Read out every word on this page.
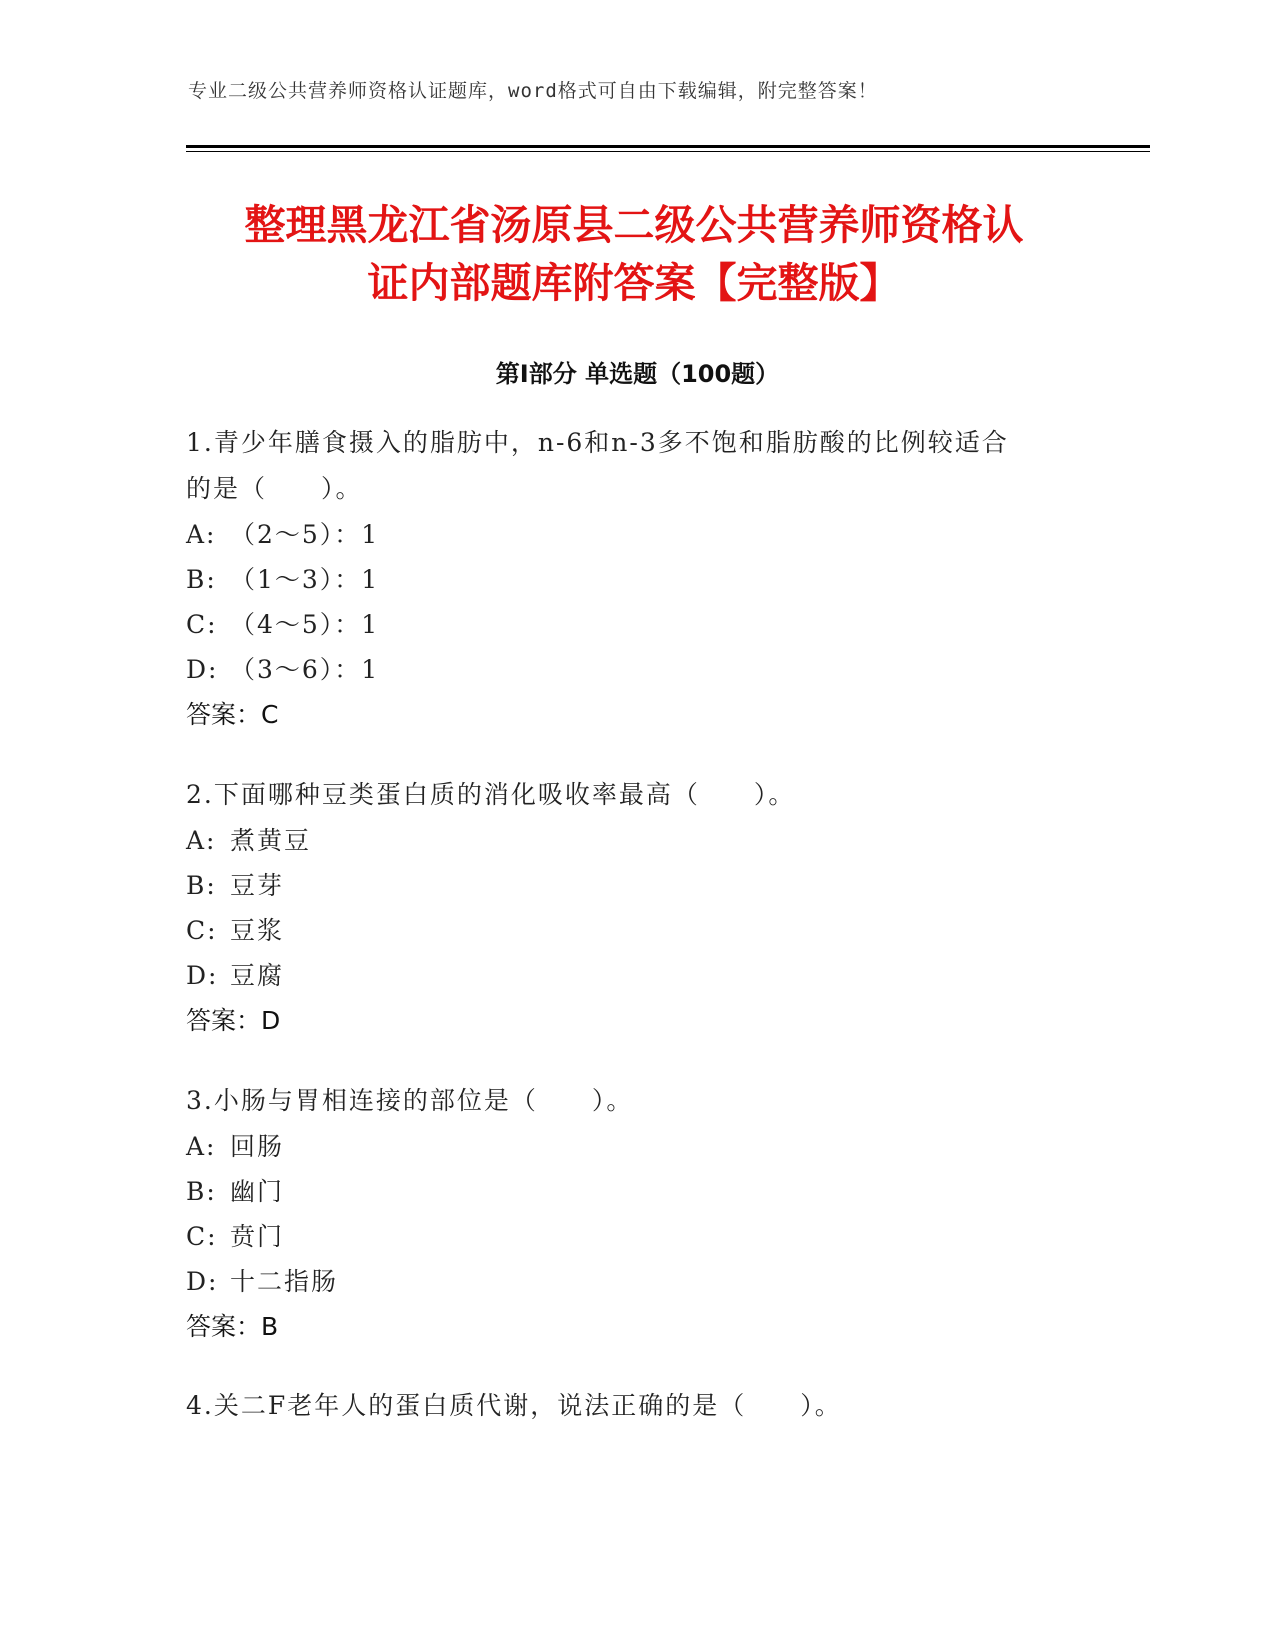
专业二级公共营养师资格认证题库，word格式可自由下载编辑，附完整答案！
整理黑龙江省汤原县二级公共营养师资格认
证内部题库附答案【完整版】
第Ⅰ部分 单选题（100题）

1.青少年膳食摄入的脂肪中，n-6和n-3多不饱和脂肪酸的比例较适合
的是（　　）。

A: （2～5）：1
B: （1～3）：1
C: （4～5）：1
D: （3～6）：1
答案：C

2.下面哪种豆类蛋白质的消化吸收率最高（　　）。

A: 煮黄豆
B: 豆芽
C: 豆浆
D: 豆腐
答案：D

3.小肠与胃相连接的部位是（　　）。

A: 回肠
B: 幽门
C: 贲门
D: 十二指肠
答案：B

4.关二F老年人的蛋白质代谢，说法正确的是（　　）。
